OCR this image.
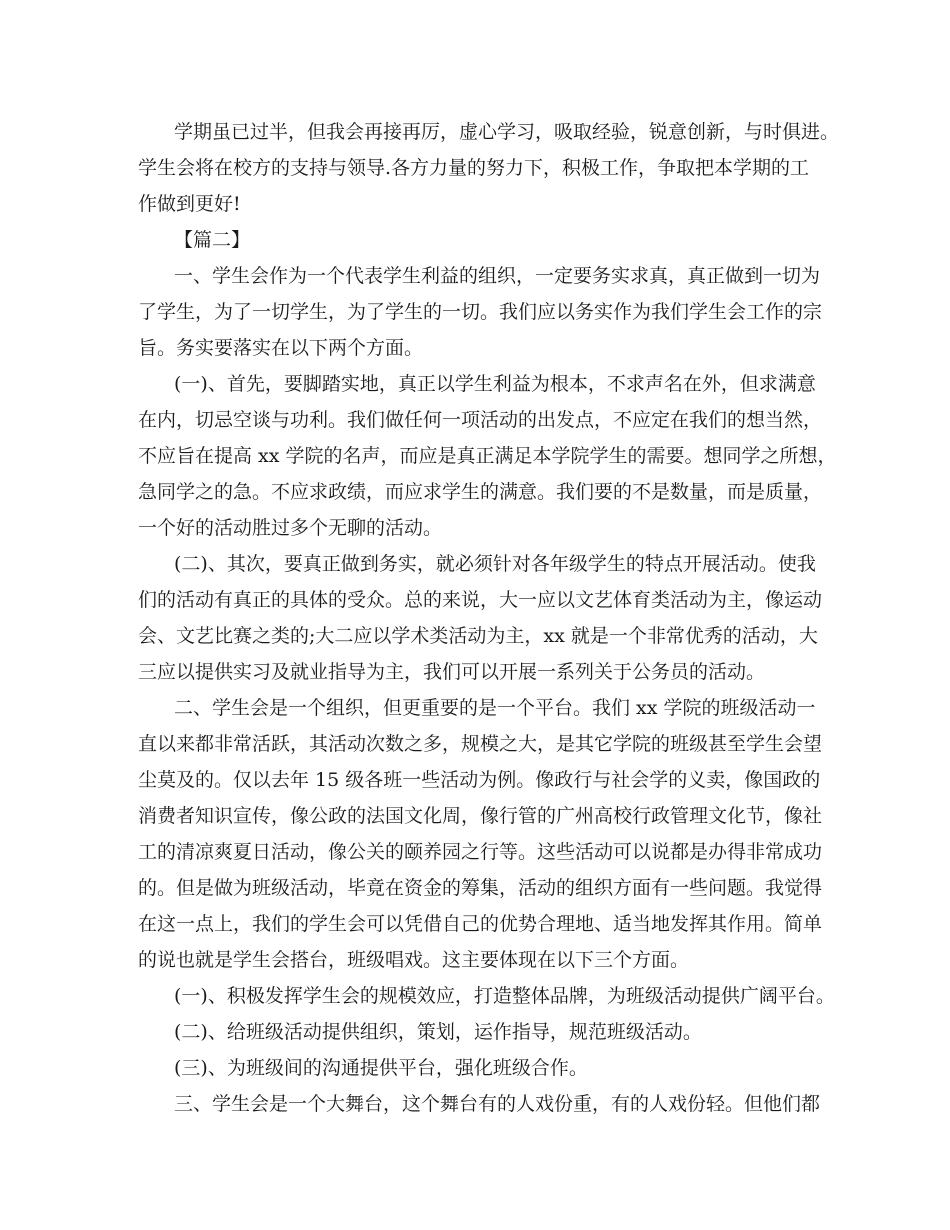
学期虽已过半，但我会再接再厉，虚心学习，吸取经验，锐意创新，与时俱进。
学生会将在校方的支持与领导.各方力量的努力下，积极工作，争取把本学期的工
作做到更好!
【篇二】
一、学生会作为一个代表学生利益的组织，一定要务实求真，真正做到一切为
了学生，为了一切学生，为了学生的一切。我们应以务实作为我们学生会工作的宗
旨。务实要落实在以下两个方面。
(一)、首先，要脚踏实地，真正以学生利益为根本，不求声名在外，但求满意
在内，切忌空谈与功利。我们做任何一项活动的出发点，不应定在我们的想当然，
不应旨在提高 xx 学院的名声，而应是真正满足本学院学生的需要。想同学之所想，
急同学之的急。不应求政绩，而应求学生的满意。我们要的不是数量，而是质量，
一个好的活动胜过多个无聊的活动。
(二)、其次，要真正做到务实，就必须针对各年级学生的特点开展活动。使我
们的活动有真正的具体的受众。总的来说，大一应以文艺体育类活动为主，像运动
会、文艺比赛之类的;大二应以学术类活动为主，xx 就是一个非常优秀的活动，大
三应以提供实习及就业指导为主，我们可以开展一系列关于公务员的活动。
二、学生会是一个组织，但更重要的是一个平台。我们 xx 学院的班级活动一
直以来都非常活跃，其活动次数之多，规模之大，是其它学院的班级甚至学生会望
尘莫及的。仅以去年 15 级各班一些活动为例。像政行与社会学的义卖，像国政的
消费者知识宣传，像公政的法国文化周，像行管的广州高校行政管理文化节，像社
工的清凉爽夏日活动，像公关的颐养园之行等。这些活动可以说都是办得非常成功
的。但是做为班级活动，毕竟在资金的筹集，活动的组织方面有一些问题。我觉得
在这一点上，我们的学生会可以凭借自己的优势合理地、适当地发挥其作用。简单
的说也就是学生会搭台，班级唱戏。这主要体现在以下三个方面。
(一)、积极发挥学生会的规模效应，打造整体品牌，为班级活动提供广阔平台。
(二)、给班级活动提供组织，策划，运作指导，规范班级活动。
(三)、为班级间的沟通提供平台，强化班级合作。
三、学生会是一个大舞台，这个舞台有的人戏份重，有的人戏份轻。但他们都
